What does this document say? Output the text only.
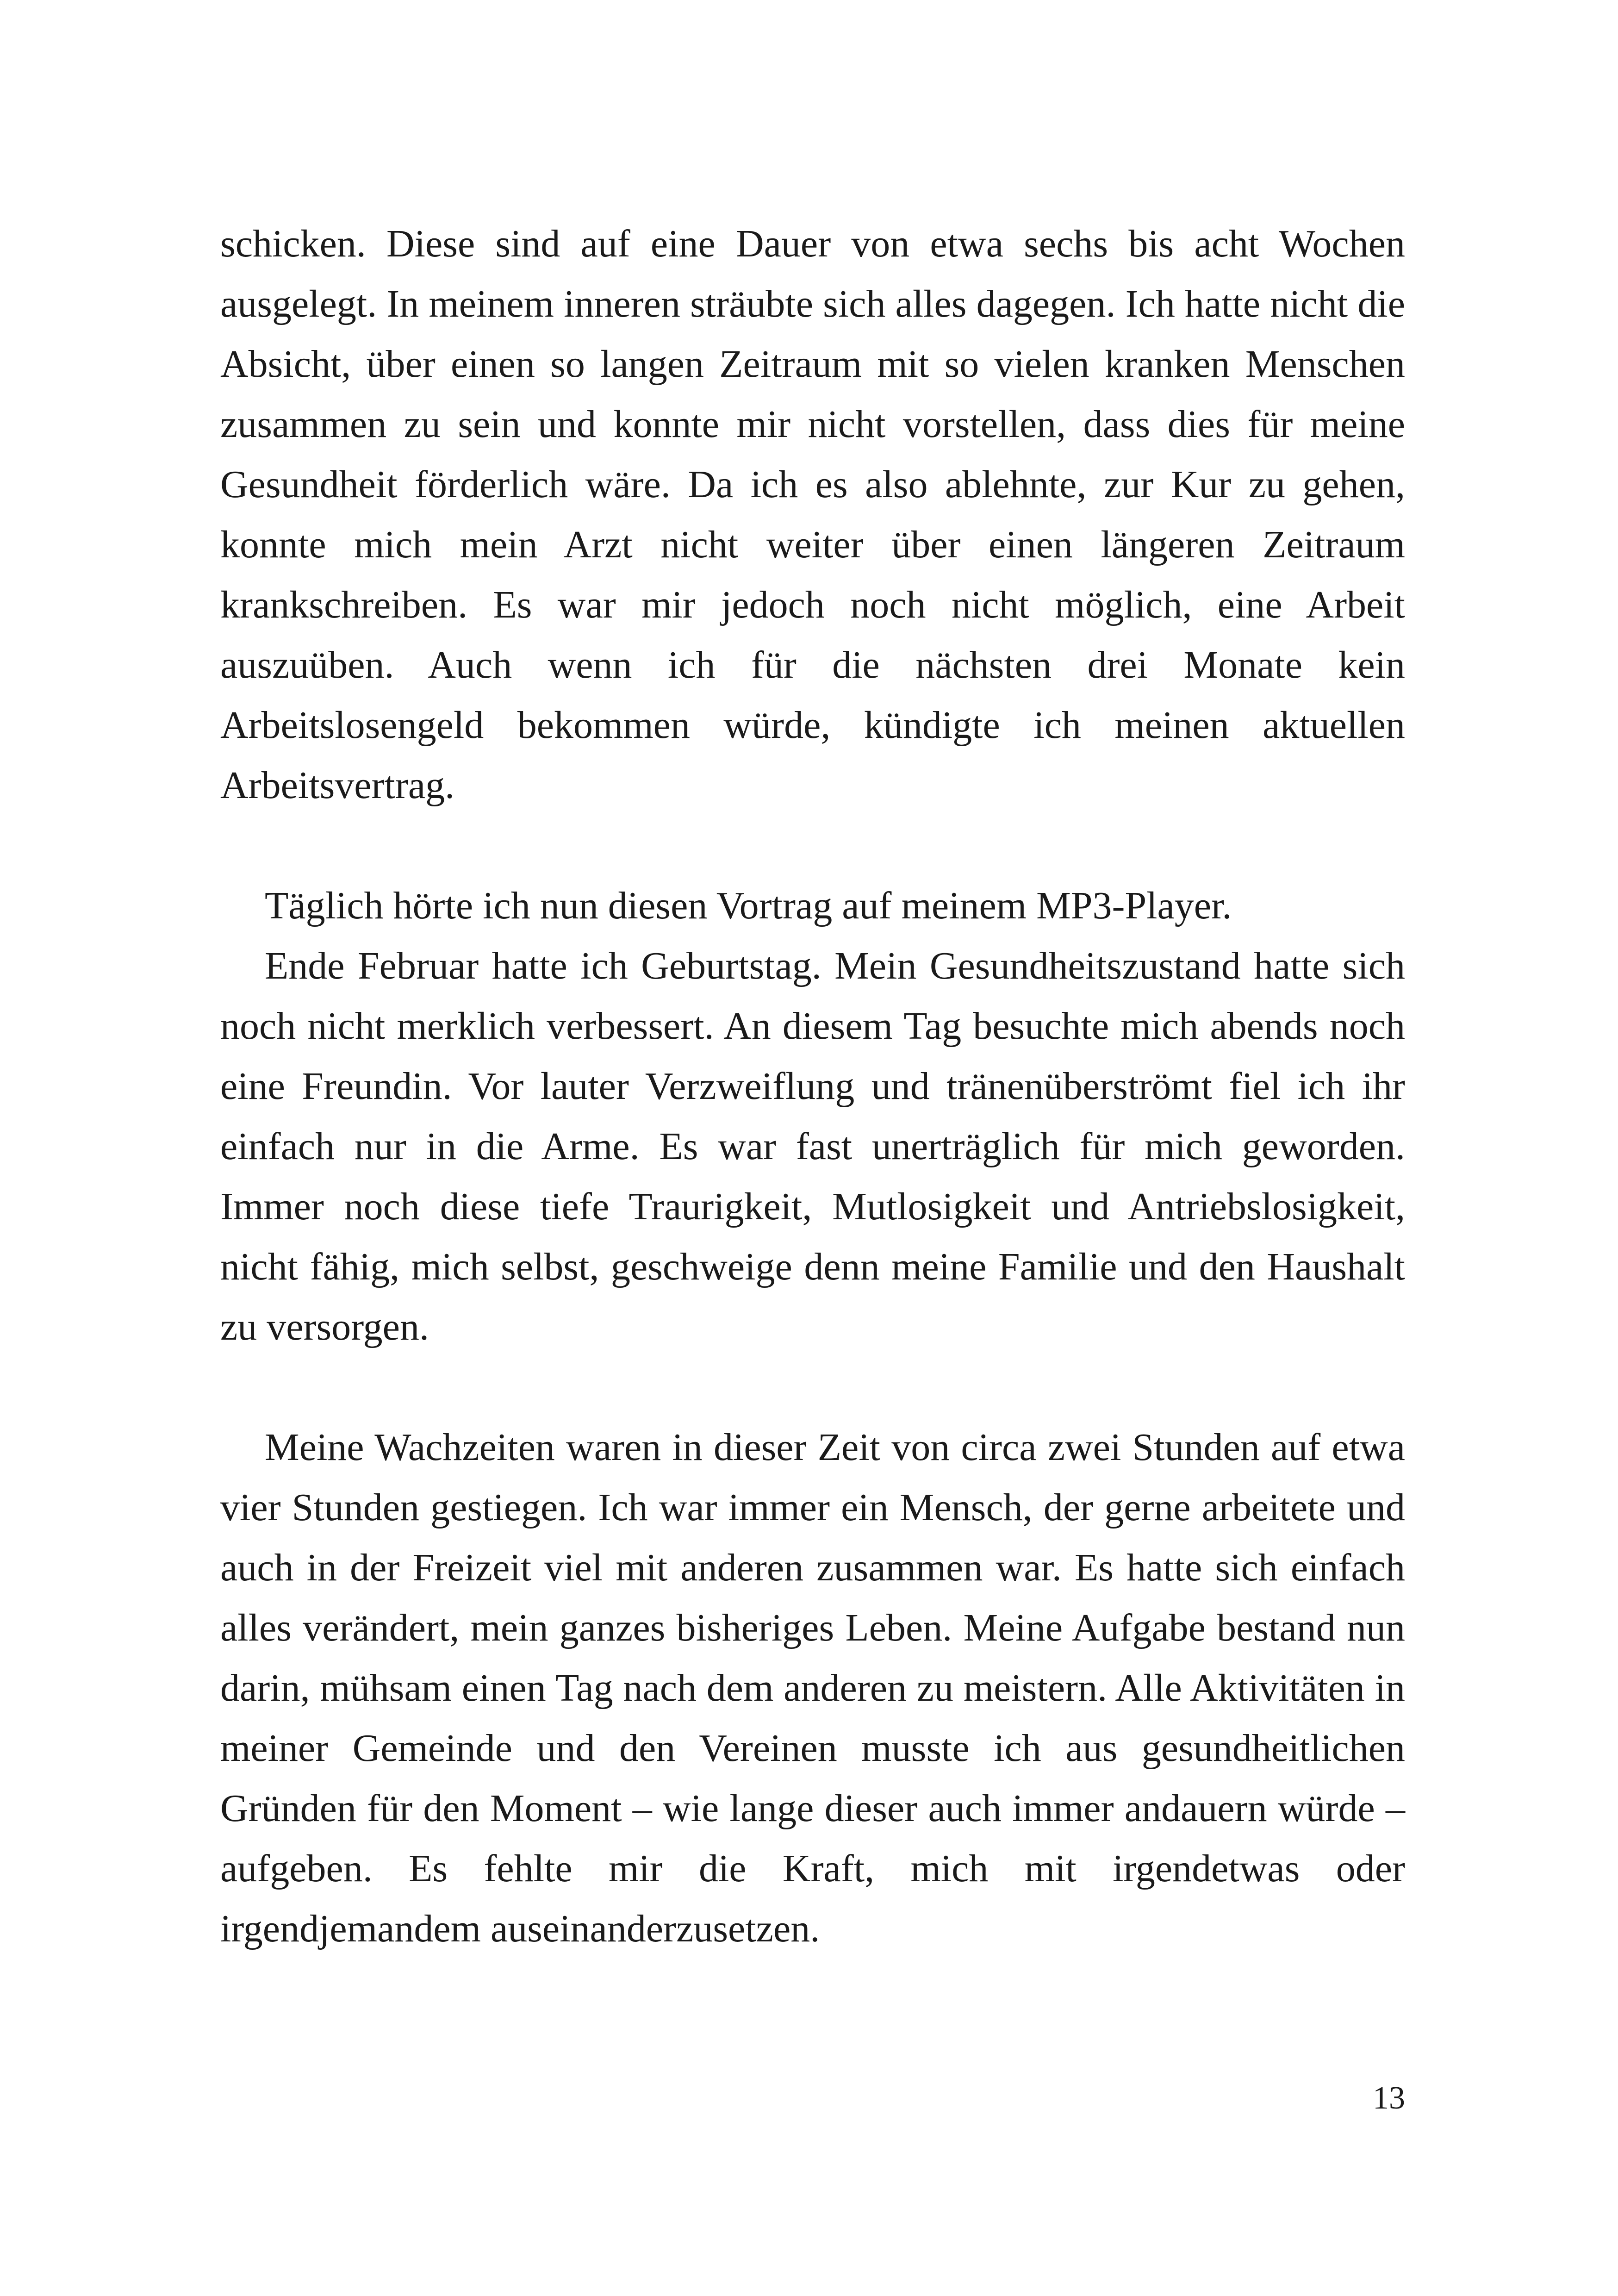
schicken. Diese sind auf eine Dauer von etwa sechs bis acht Wochen ausgelegt. In meinem inneren sträubte sich alles dagegen. Ich hatte nicht die Absicht, über einen so langen Zeitraum mit so vielen kranken Menschen zusammen zu sein und konnte mir nicht vorstellen, dass dies für meine Gesundheit förderlich wäre. Da ich es also ablehnte, zur Kur zu gehen, konnte mich mein Arzt nicht weiter über einen längeren Zeitraum krankschreiben. Es war mir jedoch noch nicht möglich, eine Arbeit auszuüben. Auch wenn ich für die nächsten drei Monate kein Arbeitslosengeld bekommen würde, kündigte ich meinen aktuellen Arbeitsvertrag.

Täglich hörte ich nun diesen Vortrag auf meinem MP3-Player.

Ende Februar hatte ich Geburtstag. Mein Gesundheitszustand hatte sich noch nicht merklich verbessert. An diesem Tag besuchte mich abends noch eine Freundin. Vor lauter Verzweiflung und tränenüberströmt fiel ich ihr einfach nur in die Arme. Es war fast unerträglich für mich geworden. Immer noch diese tiefe Traurigkeit, Mutlosigkeit und Antriebslosigkeit, nicht fähig, mich selbst, geschweige denn meine Familie und den Haushalt zu versorgen.

Meine Wachzeiten waren in dieser Zeit von circa zwei Stunden auf etwa vier Stunden gestiegen. Ich war immer ein Mensch, der gerne arbeitete und auch in der Freizeit viel mit anderen zusammen war. Es hatte sich einfach alles verändert, mein ganzes bisheriges Leben. Meine Aufgabe bestand nun darin, mühsam einen Tag nach dem anderen zu meistern. Alle Aktivitäten in meiner Gemeinde und den Vereinen musste ich aus gesundheitlichen Gründen für den Moment – wie lange dieser auch immer andauern würde – aufgeben. Es fehlte mir die Kraft, mich mit irgendetwas oder irgendjemandem auseinanderzusetzen.

13
